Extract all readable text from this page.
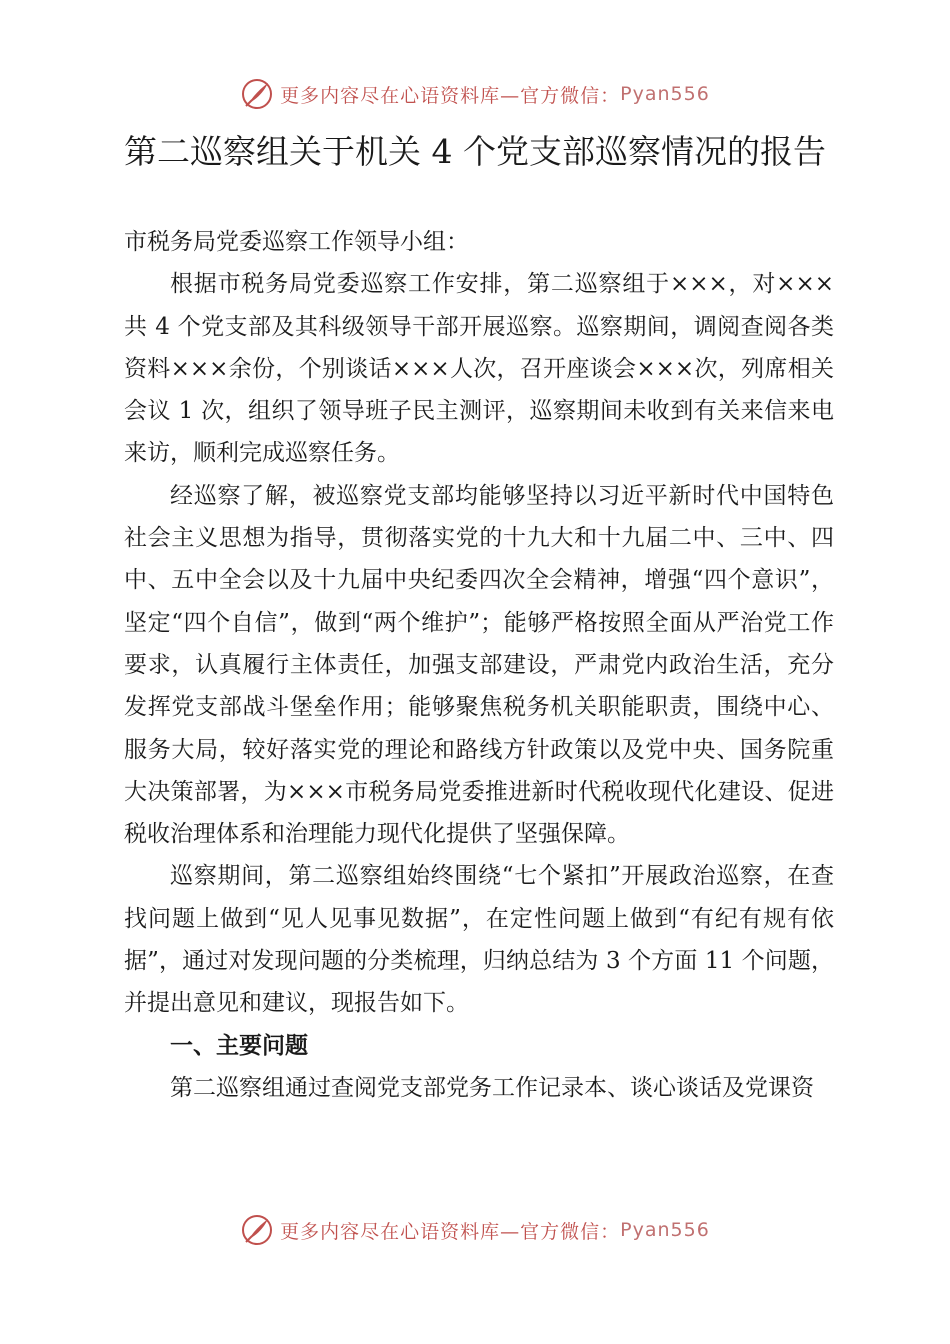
更多内容尽在心语资料库—官方微信： Pyan556
第二巡察组关于机关 4 个党支部巡察情况的报告

市税务局党委巡察工作领导小组：

根据市税务局党委巡察工作安排，第二巡察组于×××，对×××共 4 个党支部及其科级领导干部开展巡察。巡察期间，调阅查阅各类资料×××余份，个别谈话×××人次，召开座谈会×××次，列席相关会议 1 次，组织了领导班子民主测评，巡察期间未收到有关来信来电来访，顺利完成巡察任务。

经巡察了解，被巡察党支部均能够坚持以习近平新时代中国特色社会主义思想为指导，贯彻落实党的十九大和十九届二中、三中、四中、五中全会以及十九届中央纪委四次全会精神，增强“四个意识”，坚定“四个自信”，做到“两个维护”；能够严格按照全面从严治党工作要求，认真履行主体责任，加强支部建设，严肃党内政治生活，充分发挥党支部战斗堡垒作用；能够聚焦税务机关职能职责，围绕中心、 服务大局，较好落实党的理论和路线方针政策以及党中央、国务院重大决策部署，为×××市税务局党委推进新时代税收现代化建设、促进税收治理体系和治理能力现代化提供了坚强保障。

巡察期间，第二巡察组始终围绕“七个紧扣”开展政治巡察，在查找问题上做到“见人见事见数据”，在定性问题上做到“有纪有规有依据”，通过对发现问题的分类梳理，归纳总结为 3 个方面 11 个问题，并提出意见和建议，现报告如下。

一、主要问题

第二巡察组通过查阅党支部党务工作记录本、谈心谈话及党课资

更多内容尽在心语资料库—官方微信： Pyan556
